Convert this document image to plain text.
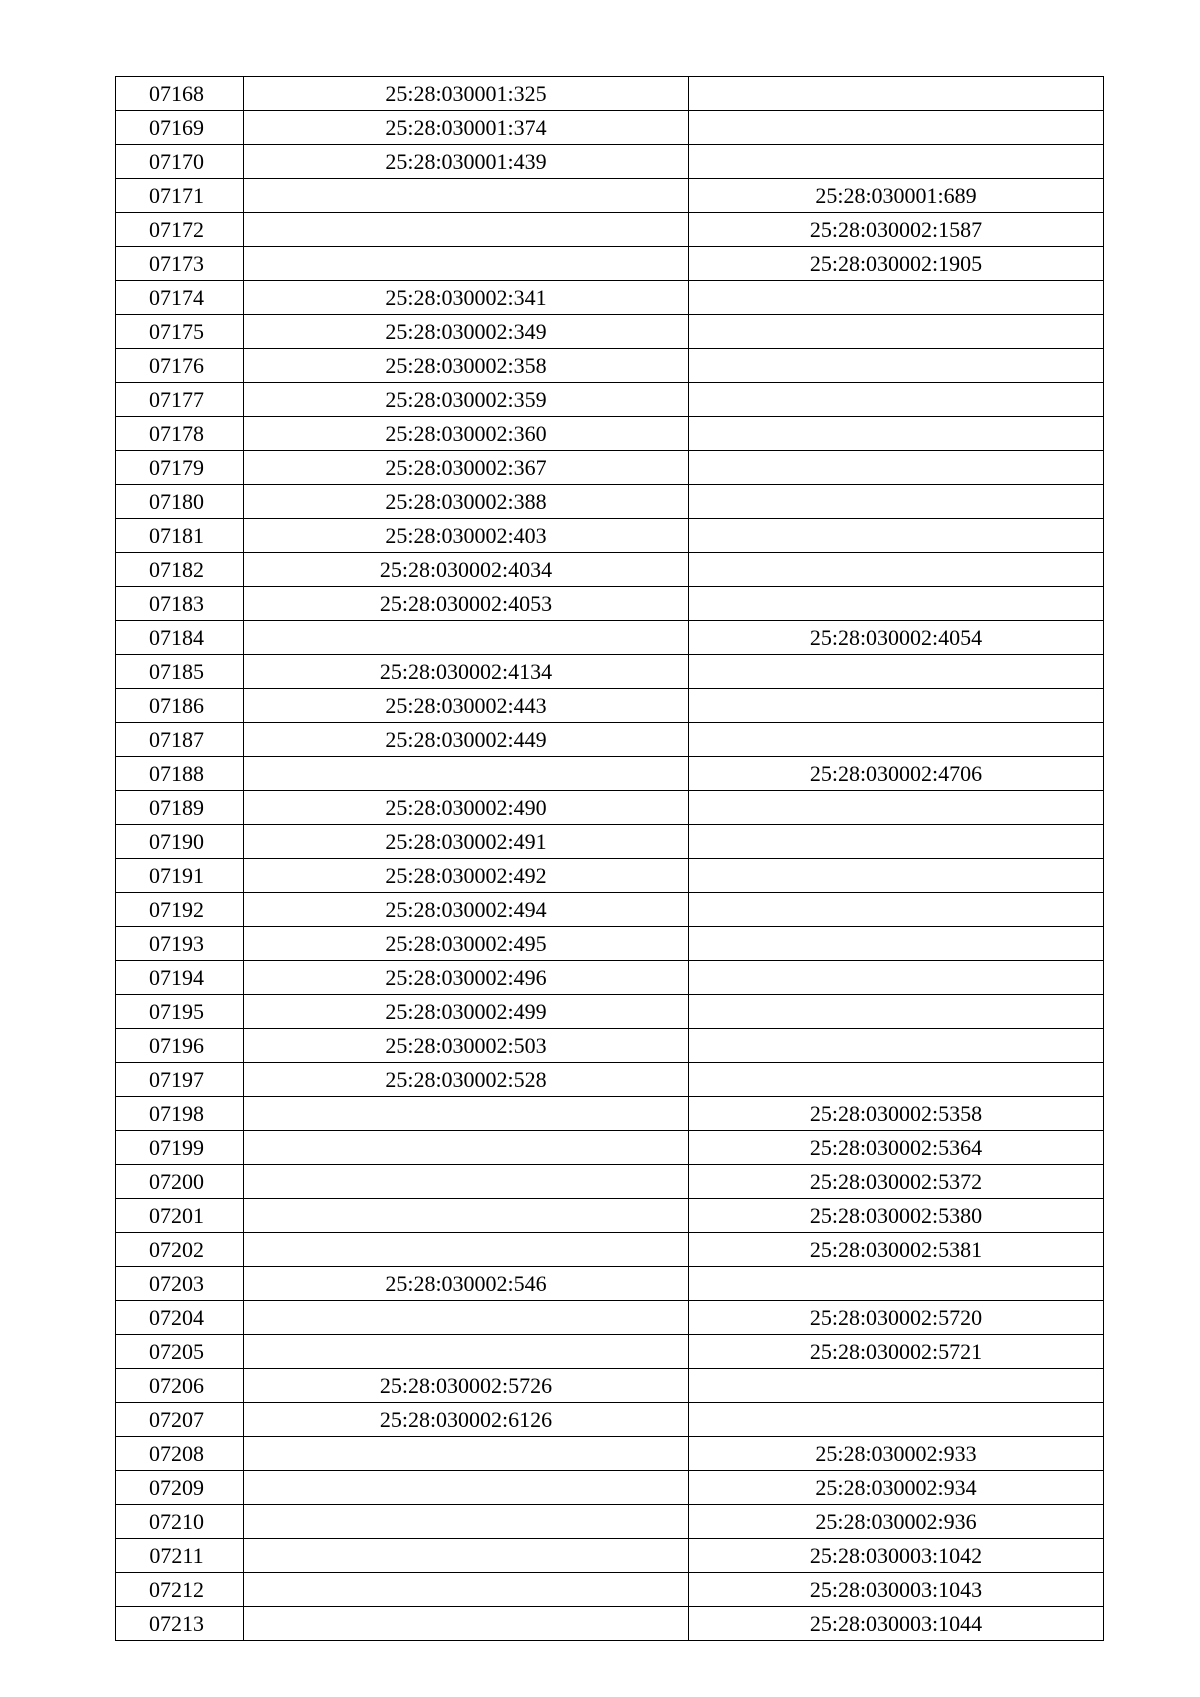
07168	25:28:030001:325	
07169	25:28:030001:374	
07170	25:28:030001:439	
07171		25:28:030001:689
07172		25:28:030002:1587
07173		25:28:030002:1905
07174	25:28:030002:341	
07175	25:28:030002:349	
07176	25:28:030002:358	
07177	25:28:030002:359	
07178	25:28:030002:360	
07179	25:28:030002:367	
07180	25:28:030002:388	
07181	25:28:030002:403	
07182	25:28:030002:4034	
07183	25:28:030002:4053	
07184		25:28:030002:4054
07185	25:28:030002:4134	
07186	25:28:030002:443	
07187	25:28:030002:449	
07188		25:28:030002:4706
07189	25:28:030002:490	
07190	25:28:030002:491	
07191	25:28:030002:492	
07192	25:28:030002:494	
07193	25:28:030002:495	
07194	25:28:030002:496	
07195	25:28:030002:499	
07196	25:28:030002:503	
07197	25:28:030002:528	
07198		25:28:030002:5358
07199		25:28:030002:5364
07200		25:28:030002:5372
07201		25:28:030002:5380
07202		25:28:030002:5381
07203	25:28:030002:546	
07204		25:28:030002:5720
07205		25:28:030002:5721
07206	25:28:030002:5726	
07207	25:28:030002:6126	
07208		25:28:030002:933
07209		25:28:030002:934
07210		25:28:030002:936
07211		25:28:030003:1042
07212		25:28:030003:1043
07213		25:28:030003:1044
